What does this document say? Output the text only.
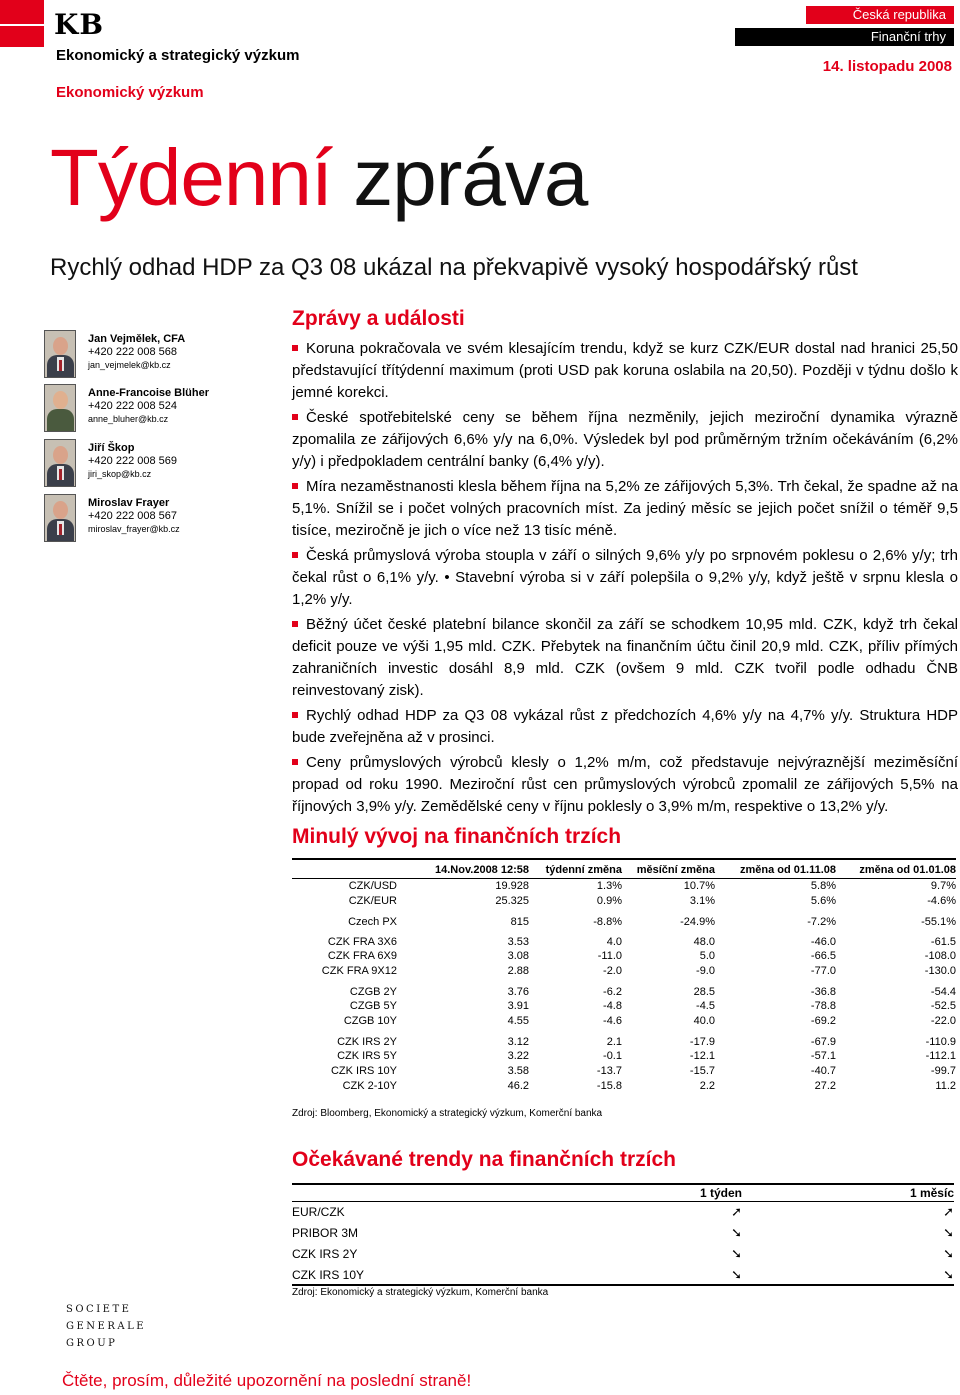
KB
Ekonomický a strategický výzkum
Ekonomický výzkum
Česká republika
Finanční trhy
14. listopadu 2008
Týdenní zpráva
Rychlý odhad HDP za Q3 08 ukázal na překvapivě vysoký hospodářský růst
Jan Vejmělek, CFA
+420 222 008 568
jan_vejmelek@kb.cz
Anne-Francoise Blüher
+420 222 008 524
anne_bluher@kb.cz
Jiří Škop
+420 222 008 569
jiri_skop@kb.cz
Miroslav Frayer
+420 222 008 567
miroslav_frayer@kb.cz
Zprávy a události

Koruna pokračovala ve svém klesajícím trendu, když se kurz CZK/EUR dostal nad hranici 25,50 představující třítýdenní maximum (proti USD pak koruna oslabila na 20,50). Později v týdnu došlo k jemné korekci.

České spotřebitelské ceny se během října nezměnily, jejich meziroční dynamika výrazně zpomalila ze zářijových 6,6% y/y na 6,0%. Výsledek byl pod průměrným tržním očekáváním (6,2% y/y) i předpokladem centrální banky (6,4% y/y).

Míra nezaměstnanosti klesla během října na 5,2% ze zářijových 5,3%. Trh čekal, že spadne až na 5,1%. Snížil se i počet volných pracovních míst. Za jediný měsíc se jejich počet snížil o téměř 9,5 tisíce, meziročně je jich o více než 13 tisíc méně.

Česká průmyslová výroba stoupla v září o silných 9,6% y/y po srpnovém poklesu o 2,6% y/y; trh čekal růst o 6,1% y/y. • Stavební výroba si v září polepšila o 9,2% y/y, když ještě v srpnu klesla o 1,2% y/y.

Běžný účet české platební bilance skončil za září se schodkem 10,95 mld. CZK, když trh čekal deficit pouze ve výši 1,95 mld. CZK. Přebytek na finančním účtu činil 20,9 mld. CZK, příliv přímých zahraničních investic dosáhl 8,9 mld. CZK (ovšem 9 mld. CZK tvořil podle odhadu ČNB reinvestovaný zisk).

Rychlý odhad HDP za Q3 08 vykázal růst z předchozích 4,6% y/y na 4,7% y/y. Struktura HDP bude zveřejněna až v prosinci.

Ceny průmyslových výrobců klesly o 1,2% m/m, což představuje nejvýraznější meziměsíční propad od roku 1990. Meziroční růst cen průmyslových výrobců zpomalil ze zářijových 5,5% na říjnových 3,9% y/y. Zemědělské ceny v říjnu poklesly o 3,9% m/m, respektive o 13,2% y/y.

Minulý vývoj na finančních trzích
	14.Nov.2008 12:58	týdenní změna	měsíční změna	změna od 01.11.08	změna od 01.01.08
CZK/USD	19.928	1.3%	10.7%	5.8%	9.7%
CZK/EUR	25.325	0.9%	3.1%	5.6%	-4.6%
Czech PX	815	-8.8%	-24.9%	-7.2%	-55.1%
CZK FRA 3X6	3.53	4.0	48.0	-46.0	-61.5
CZK FRA 6X9	3.08	-11.0	5.0	-66.5	-108.0
CZK FRA 9X12	2.88	-2.0	-9.0	-77.0	-130.0
CZGB 2Y	3.76	-6.2	28.5	-36.8	-54.4
CZGB 5Y	3.91	-4.8	-4.5	-78.8	-52.5
CZGB 10Y	4.55	-4.6	40.0	-69.2	-22.0
CZK IRS 2Y	3.12	2.1	-17.9	-67.9	-110.9
CZK IRS 5Y	3.22	-0.1	-12.1	-57.1	-112.1
CZK IRS 10Y	3.58	-13.7	-15.7	-40.7	-99.7
CZK 2-10Y	46.2	-15.8	2.2	27.2	11.2
Zdroj: Bloomberg, Ekonomický a strategický výzkum, Komerční banka
Očekávané trendy na finančních trzích
	1 týden	1 měsíc
EUR/CZK	➚	➚
PRIBOR 3M	➘	➘
CZK IRS 2Y	➘	➘
CZK IRS 10Y	➘	➘
Zdroj: Ekonomický a strategický výzkum, Komerční banka
SOCIETE
GENERALE
GROUP
Čtěte, prosím, důležité upozornění na poslední straně!
